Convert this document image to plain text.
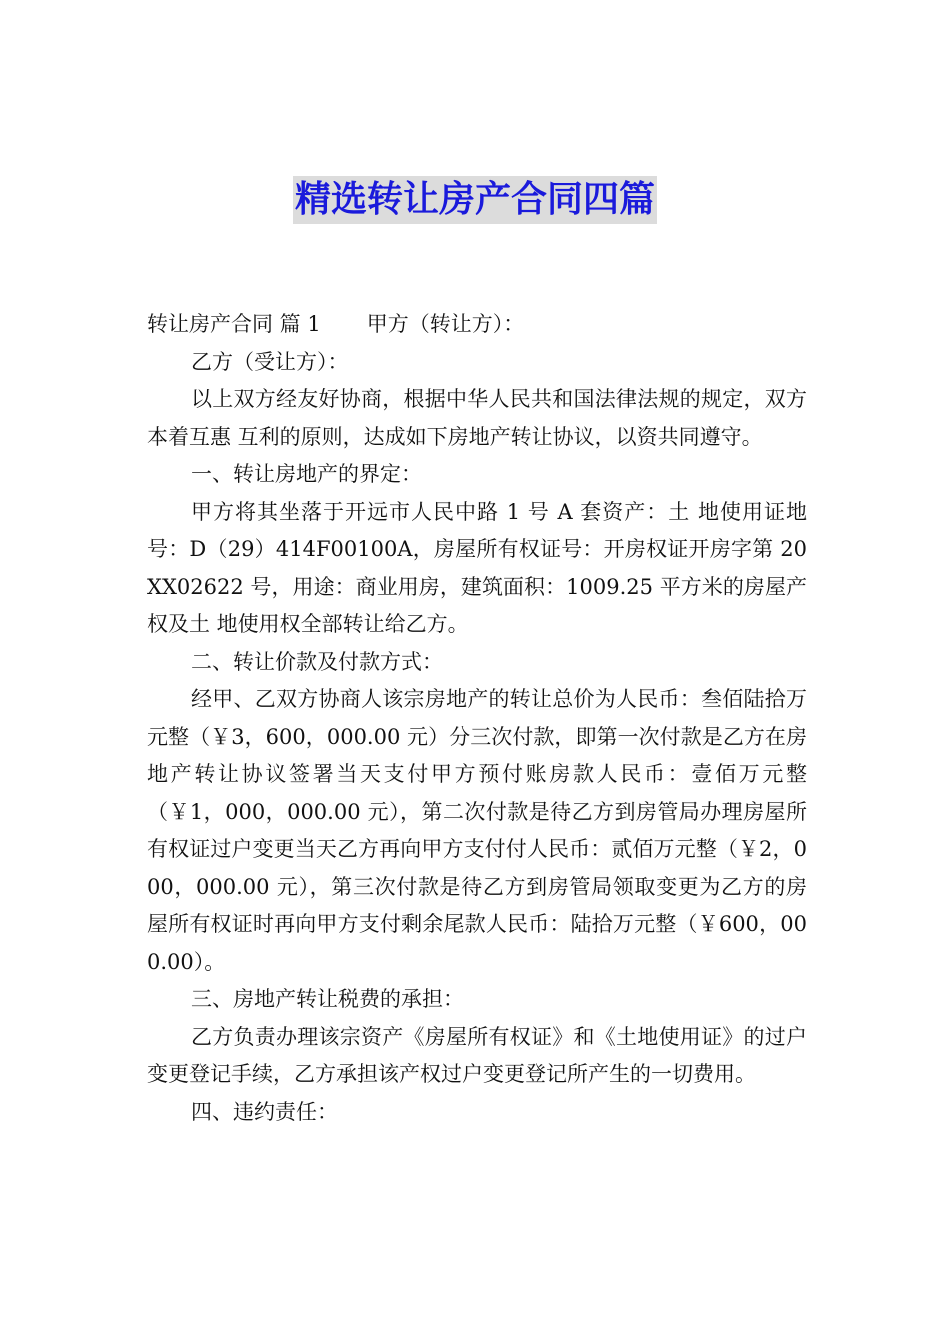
精选转让房产合同四篇

转让房产合同 篇 1 甲方（转让方）：

乙方（受让方）：

以上双方经友好协商，根据中华人民共和国法律法规的规定，双方本着互惠 互利的原则，达成如下房地产转让协议，以资共同遵守。

一、转让房地产的界定：

甲方将其坐落于开远市人民中路 1 号 A 套资产：土 地使用证地号：D（29）414F00100A，房屋所有权证号：开房权证开房字第 20XX02622 号，用途：商业用房，建筑面积：1009.25 平方米的房屋产权及土 地使用权全部转让给乙方。

二、转让价款及付款方式：

经甲、乙双方协商人该宗房地产的转让总价为人民币：叁佰陆拾万元整（￥3，600，000.00 元）分三次付款，即第一次付款是乙方在房地产转让协议签署当天支付甲方预付账房款人民币：壹佰万元整（￥1，000，000.00 元），第二次付款是待乙方到房管局办理房屋所有权证过户变更当天乙方再向甲方支付付人民币：贰佰万元整（￥2，000，000.00 元），第三次付款是待乙方到房管局领取变更为乙方的房屋所有权证时再向甲方支付剩余尾款人民币：陆拾万元整（￥600，000.00）。

三、房地产转让税费的承担：

乙方负责办理该宗资产《房屋所有权证》和《土地使用证》的过户变更登记手续，乙方承担该产权过户变更登记所产生的一切费用。

四、违约责任：
